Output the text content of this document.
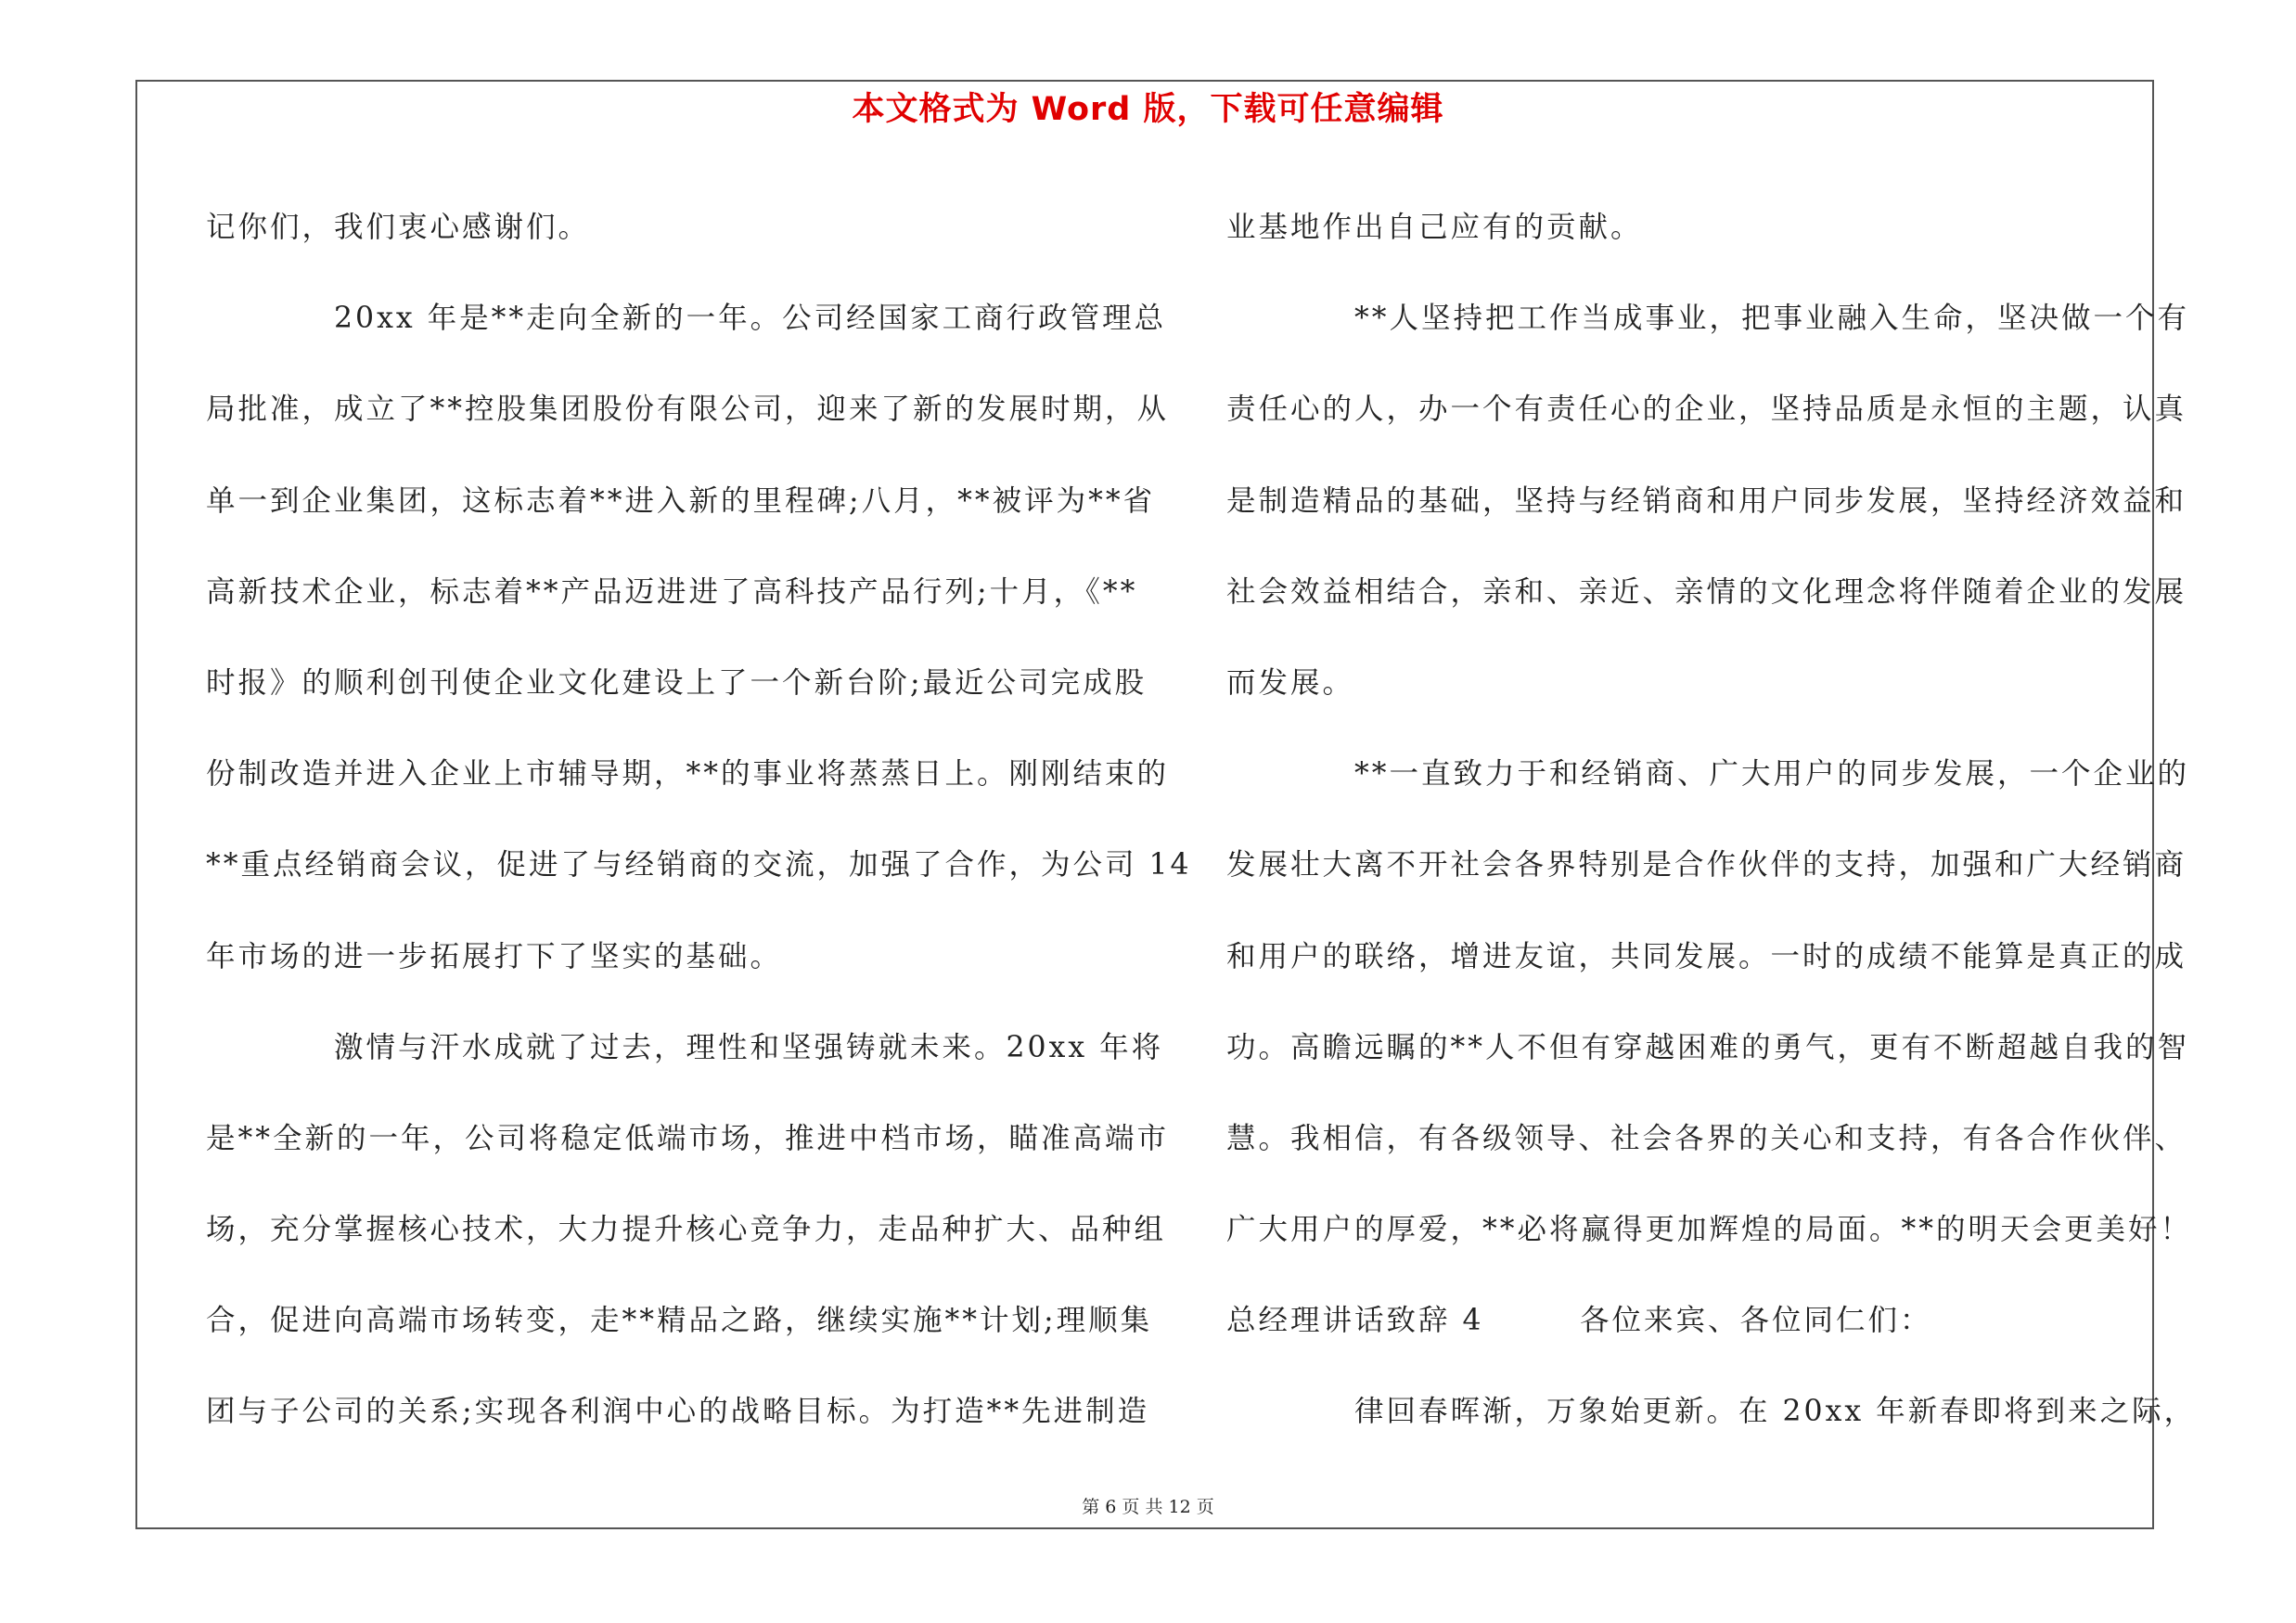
本文格式为 Word 版，下载可任意编辑
记你们，我们衷心感谢们。
　　　　20xx 年是**走向全新的一年。公司经国家工商行政管理总
局批准，成立了**控股集团股份有限公司，迎来了新的发展时期，从
单一到企业集团，这标志着**进入新的里程碑;八月，**被评为**省
高新技术企业，标志着**产品迈进进了高科技产品行列;十月，《**
时报》的顺利创刊使企业文化建设上了一个新台阶;最近公司完成股
份制改造并进入企业上市辅导期，**的事业将蒸蒸日上。刚刚结束的
**重点经销商会议，促进了与经销商的交流，加强了合作，为公司 14
年市场的进一步拓展打下了坚实的基础。
　　　　激情与汗水成就了过去，理性和坚强铸就未来。20xx 年将
是**全新的一年，公司将稳定低端市场，推进中档市场，瞄准高端市
场，充分掌握核心技术，大力提升核心竞争力，走品种扩大、品种组
合，促进向高端市场转变，走**精品之路，继续实施**计划;理顺集
团与子公司的关系;实现各利润中心的战略目标。为打造**先进制造
业基地作出自己应有的贡献。
　　　　**人坚持把工作当成事业，把事业融入生命，坚决做一个有
责任心的人，办一个有责任心的企业，坚持品质是永恒的主题，认真
是制造精品的基础，坚持与经销商和用户同步发展，坚持经济效益和
社会效益相结合，亲和、亲近、亲情的文化理念将伴随着企业的发展
而发展。
　　　　**一直致力于和经销商、广大用户的同步发展，一个企业的
发展壮大离不开社会各界特别是合作伙伴的支持，加强和广大经销商
和用户的联络，增进友谊，共同发展。一时的成绩不能算是真正的成
功。高瞻远瞩的**人不但有穿越困难的勇气，更有不断超越自我的智
慧。我相信，有各级领导、社会各界的关心和支持，有各合作伙伴、
广大用户的厚爱，**必将赢得更加辉煌的局面。**的明天会更美好！
总经理讲话致辞 4　　　各位来宾、各位同仁们：
　　　　律回春晖渐，万象始更新。在 20xx 年新春即将到来之际，
第 6 页 共 12 页
